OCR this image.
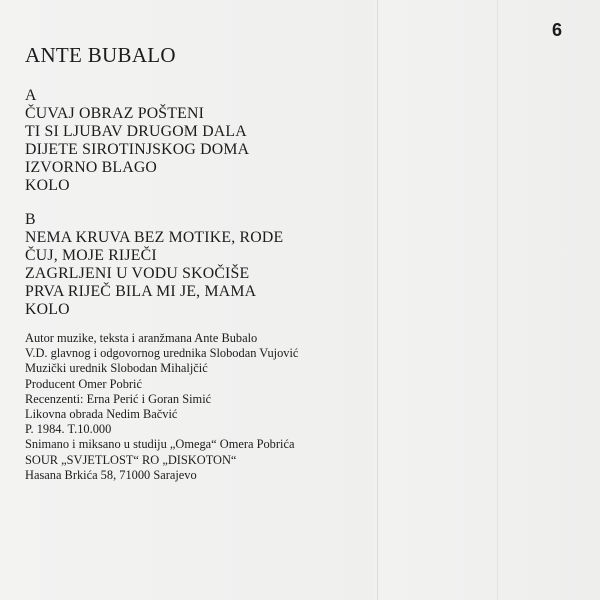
9
ANTE BUBALO
A
ČUVAJ OBRAZ POŠTENI
TI SI LJUBAV DRUGOM DALA
DIJETE SIROTINJSKOG DOMA
IZVORNO BLAGO
KOLO
B
NEMA KRUVA BEZ MOTIKE, RODE
ČUJ, MOJE RIJEČI
ZAGRLJENI U VODU SKOČIŠE
PRVA RIJEČ BILA MI JE, MAMA
KOLO
Autor muzike, teksta i aranžmana Ante Bubalo
V.D. glavnog i odgovornog urednika Slobodan Vujović
Muzički urednik Slobodan Mihaljčić
Producent Omer Pobrić
Recenzenti: Erna Perić i Goran Simić
Likovna obrada Nedim Bačvić
P. 1984. T.10.000
Snimano i miksano u studiju „Omega“ Omera Pobrića
SOUR „SVJETLOST“ RO „DISKOTON“
Hasana Brkića 58, 71000 Sarajevo
